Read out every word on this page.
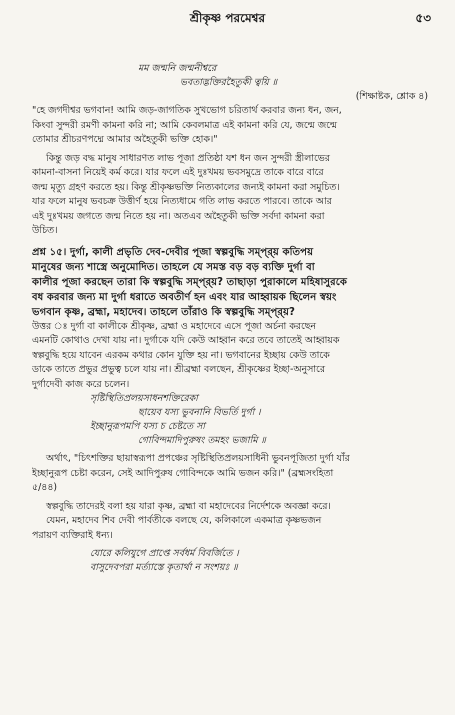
শ্রীকৃষ্ণ পরমেশ্বর	৫৩
মম জন্মনি জন্মনীশ্বরে
ভবতাদ্ভক্তিরহৈতুকী ত্বয়ি ॥
(শিক্ষাষ্টক, শ্লোক ৪)
"হে জগদীশ্বর ভগবান! আমি জড়-জাগতিক সুখভোগ চরিতার্থ করবার জন্য ধন, জন,
কিংবা সুন্দরী রমণী কামনা করি না; আমি কেবলমাত্র এই কামনা করি যে, জন্মে জন্মে
তোমার শ্রীচরণপদ্মে আমার অহৈতুকী ভক্তি হোক।"
কিন্তু জড় বদ্ধ মানুষ সাধারণত লাভ পূজা প্রতিষ্ঠা যশ ধন জন সুন্দরী স্ত্রীলাভের
কামনা-বাসনা নিয়েই কর্ম করে। যার ফলে এই দুঃখময় ভবসমুদ্রে তাকে বারে বারে
জন্ম মৃত্যু গ্রহণ করতে হয়। কিন্তু শ্রীকৃষ্ণভক্তি নিত্যকালের জন্যই কামনা করা সমুচিত।
যার ফলে মানুষ ভবচক্র উত্তীর্ণ হয়ে নিত্যধামে গতি লাভ করতে পারবে। তাকে আর
এই দুঃখময় জগতে জন্ম নিতে হয় না। অতএব অহৈতুকী ভক্তি সর্বদা কামনা করা
উচিত।
প্রশ্ন ১৫। দুর্গা, কালী প্রভৃতি দেব-দেবীর পূজা স্বল্পবুদ্ধি সম্প্র্য় কতিপয়
মানুষের জন্য শাস্ত্রে অনুমোদিত। তাহলে যে সমস্ত বড় বড় ব্যক্তি দুর্গা বা
কালীর পূজা করছেন তারা কি স্বল্পবুদ্ধি সম্প্র্য়? তাছাড়া পুরাকালে মহিষাসুরকে
বধ করবার জন্য মা দুর্গা ধরাতে অবতীর্ণ হন এবং যার আহ্বায়ক ছিলেন স্বয়ং
ভগবান কৃষ্ণ, ব্রহ্মা, মহাদেব। তাহলে তাঁরাও কি স্বল্পবুদ্ধি সম্প্র্য়?
উত্তর ঃ দুর্গা বা কালীকে শ্রীকৃষ্ণ, ব্রহ্মা ও মহাদেবে এসে পূজা অর্চনা করছেন
এমনটি কোথাও দেখা যায় না। দুর্গাকে যদি কেউ আহ্বান করে তবে তাতেই আহ্বায়ক
স্বল্পবুদ্ধি হয়ে যাবেন এরকম কথার কোন যুক্তি হয় না। ভগবানের ইচ্ছায় কেউ তাকে
ডাকে তাতে প্রভুর প্রভুত্ব চলে যায় না। শ্রীব্রহ্মা বলছেন, শ্রীকৃষ্ণের ইচ্ছা-অনুসারে
দুর্গাদেবী কাজ করে চলেন।
সৃষ্টিস্থিতিপ্রলয়সাধনশক্তিরেকা
ছায়েব যস্য ভুবনানি বিভর্তি দুর্গা ।
ইচ্ছানুরূপমপি যস্য চ চেষ্টতে সা
গোবিন্দমাদিপুরুষং তমহং ভজামি ॥
অর্থাৎ, "চিৎশক্তির ছায়াস্বরূপা প্রপঞ্চের সৃষ্টিস্থিতিপ্রলয়সাধিনী ভুবনপূজিতা দুর্গা যাঁর
ইচ্ছানুরূপ চেষ্টা করেন, সেই আদিপুরুষ গোবিন্দকে আমি ভজন করি।" (ব্রহ্মসংহিতা
৫/৪৪)
স্বল্পবুদ্ধি তাদেরই বলা হয় যারা কৃষ্ণ, ব্রহ্মা বা মহাদেবের নির্দেশকে অবজ্ঞা করে।
যেমন, মহাদেব শিব দেবী পার্বতীকে বলছে যে, কলিকালে একমাত্র কৃষ্ণভজন
পরায়ণ ব্যক্তিরাই ধন্য।
যোরে কলিযুগে প্রাপ্তে সর্বধর্ম বিবর্জিতে ।
বাসুদেবপরা মর্ত্যাস্তে কৃতার্থা ন সংশয়ঃ ॥
